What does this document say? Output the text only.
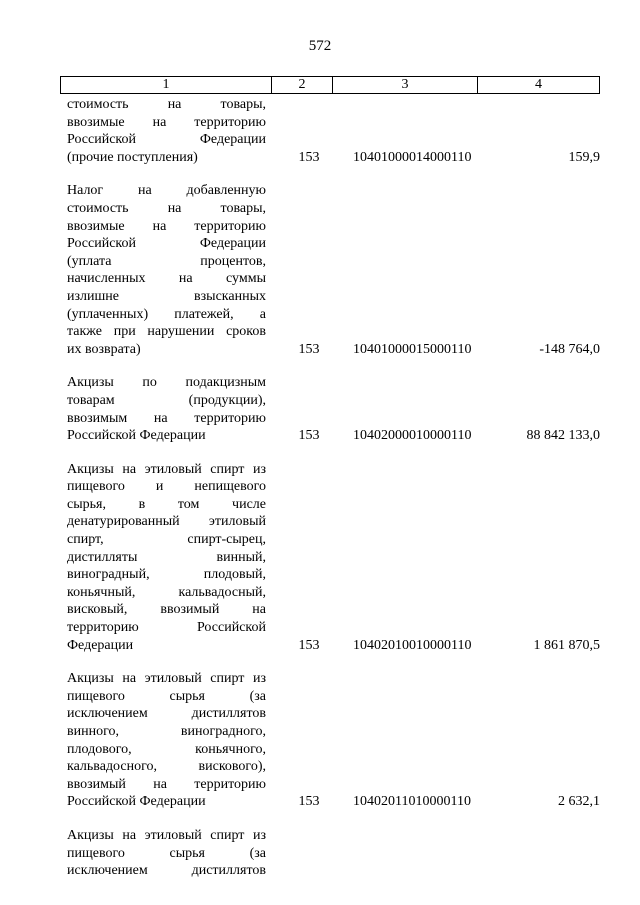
572
1	2	3	4
стоимость на товары,
ввозимые на территорию
Российской Федерации
(прочие поступления)	153 10401000014000110	159,9
Налог на добавленную
стоимость на товары,
ввозимые на территорию
Российской Федерации
(уплата процентов,
начисленных на суммы
излишне взысканных
(уплаченных) платежей, а
также при нарушении сроков
их возврата)	153 10401000015000110	-148 764,0
Акцизы по подакцизным
товарам (продукции),
ввозимым на территорию
Российской Федерации	153 10402000010000110	88 842 133,0
Акцизы на этиловый спирт из
пищевого и непищевого
сырья, в том числе
денатурированный этиловый
спирт, спирт-сырец,
дистилляты винный,
виноградный, плодовый,
коньячный, кальвадосный,
висковый, ввозимый на
территорию Российской
Федерации	153 10402010010000110	1 861 870,5
Акцизы на этиловый спирт из
пищевого сырья (за
исключением дистиллятов
винного, виноградного,
плодового, коньячного,
кальвадосного, вискового),
ввозимый на территорию
Российской Федерации	153 10402011010000110	2 632,1
Акцизы на этиловый спирт из
пищевого сырья (за
исключением дистиллятов
